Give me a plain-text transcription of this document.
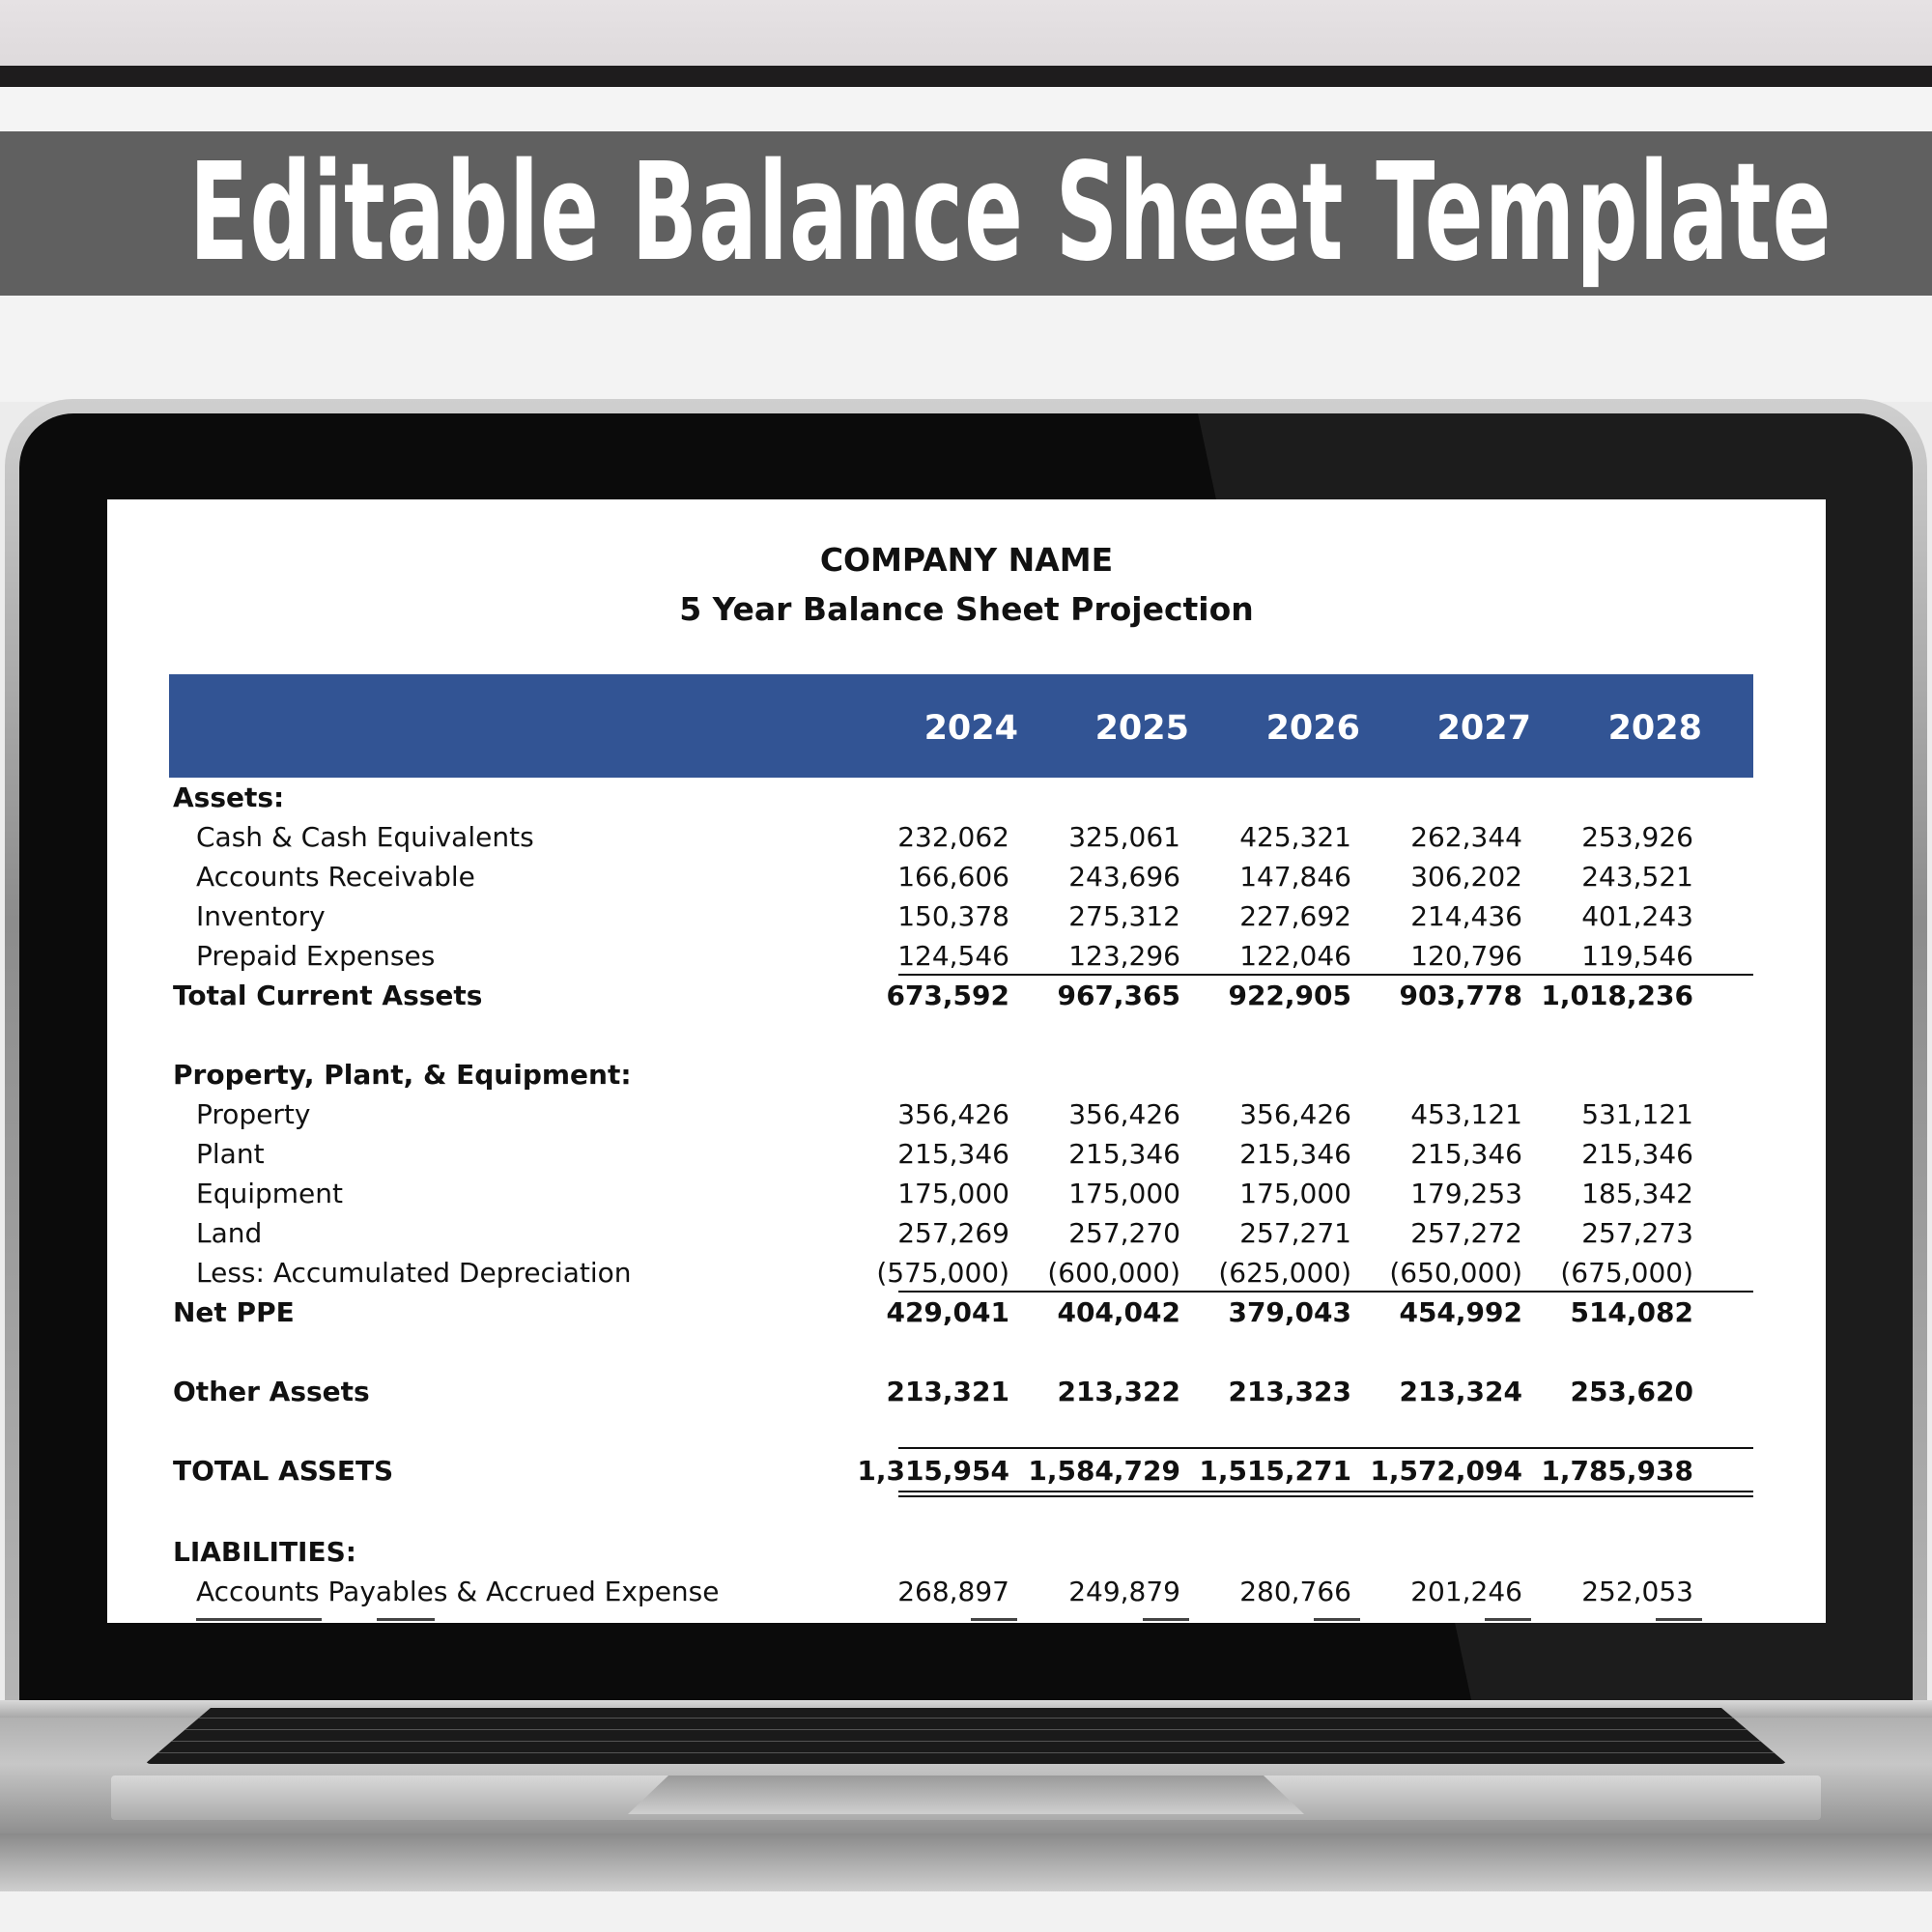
Editable Balance Sheet Template
COMPANY NAME
5 Year Balance Sheet Projection
2024	2025	2026	2027	2028
Assets:
Cash & Cash Equivalents	232,062	325,061	425,321	262,344	253,926
Accounts Receivable	166,606	243,696	147,846	306,202	243,521
Inventory	150,378	275,312	227,692	214,436	401,243
Prepaid Expenses	124,546	123,296	122,046	120,796	119,546
Total Current Assets	673,592	967,365	922,905	903,778 1,018,236
Property, Plant, & Equipment:
Property	356,426	356,426	356,426	453,121	531,121
Plant	215,346	215,346	215,346	215,346	215,346
Equipment	175,000	175,000	175,000	179,253	185,342
Land	257,269	257,270	257,271	257,272	257,273
Less: Accumulated Depreciation	(575,000)	(600,000)	(625,000)	(650,000)	(675,000)
Net PPE	429,041	404,042	379,043	454,992	514,082
Other Assets	213,321	213,322	213,323	213,324	253,620
TOTAL ASSETS	1,315,954 1,584,729 1,515,271 1,572,094 1,785,938
LIABILITIES:
Accounts Payables & Accrued Expense	268,897	249,879	280,766	201,246	252,053
